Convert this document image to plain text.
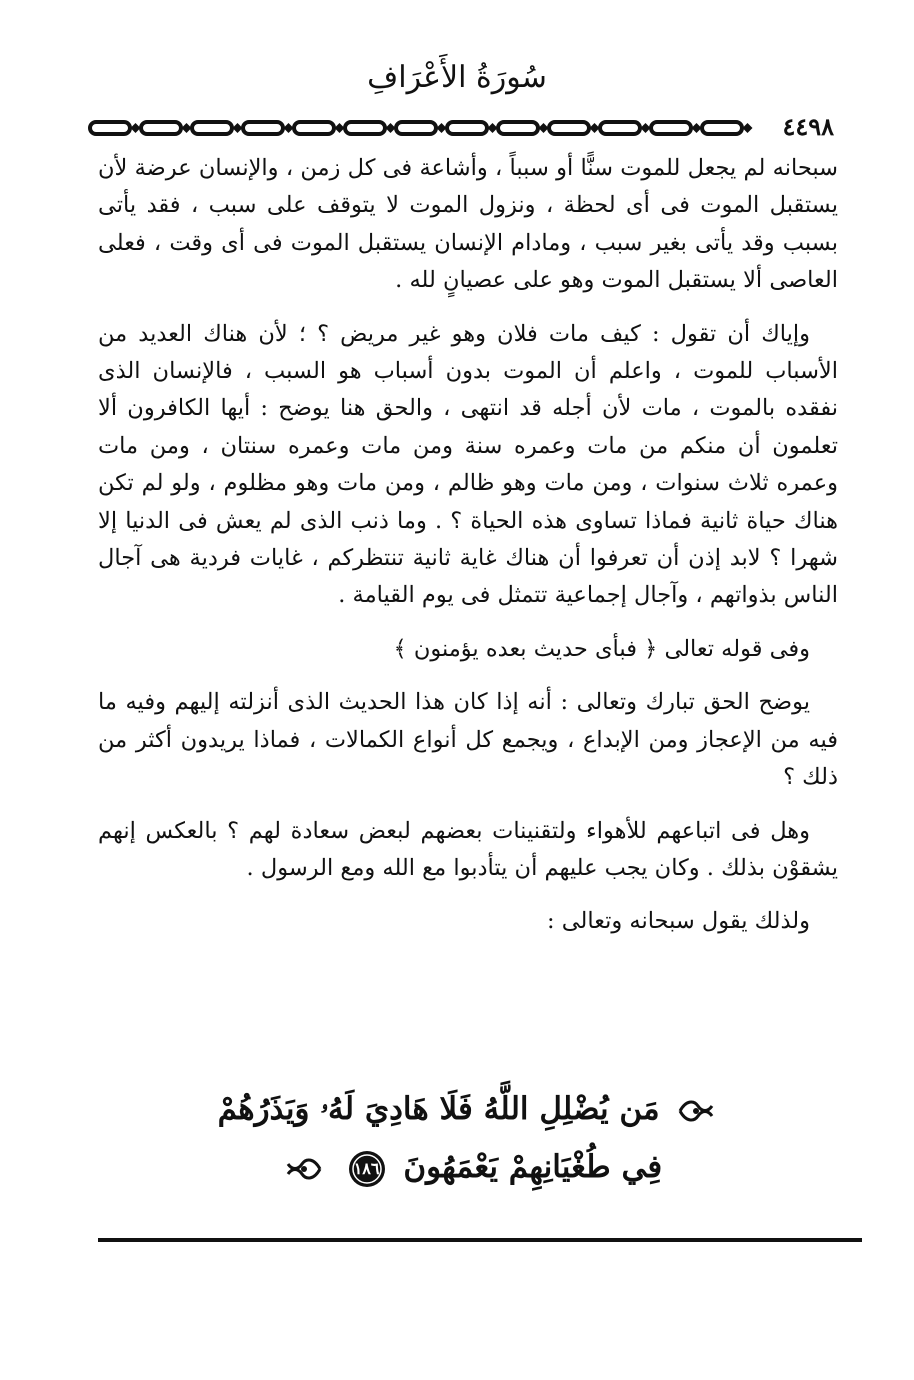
سُورَةُ الأَعْرَافِ
٤٤٩٨

سبحانه لم يجعل للموت سنًّا أو سبباً ، وأشاعة فى كل زمن ، والإنسان عرضة لأن يستقبل الموت فى أى لحظة ، ونزول الموت لا يتوقف على سبب ، فقد يأتى بسبب وقد يأتى بغير سبب ، ومادام الإنسان يستقبل الموت فى أى وقت ، فعلى العاصى ألا يستقبل الموت وهو على عصيانٍ لله .

وإياك أن تقول : كيف مات فلان وهو غير مريض ؟ ؛ لأن هناك العديد من الأسباب للموت ، واعلم أن الموت بدون أسباب هو السبب ، فالإنسان الذى نفقده بالموت ، مات لأن أجله قد انتهى ، والحق هنا يوضح : أيها الكافرون ألا تعلمون أن منكم من مات وعمره سنة ومن مات وعمره سنتان ، ومن مات وعمره ثلاث سنوات ، ومن مات وهو ظالم ، ومن مات وهو مظلوم ، ولو لم تكن هناك حياة ثانية فماذا تساوى هذه الحياة ؟ . وما ذنب الذى لم يعش فى الدنيا إلا شهرا ؟ لابد إذن أن تعرفوا أن هناك غاية ثانية تنتظركم ، غايات فردية هى آجال الناس بذواتهم ، وآجال إجماعية تتمثل فى يوم القيامة .

وفى قوله تعالى ﴿ فبأى حديث بعده يؤمنون ﴾

يوضح الحق تبارك وتعالى : أنه إذا كان هذا الحديث الذى أنزلته إليهم وفيه ما فيه من الإعجاز ومن الإبداع ، ويجمع كل أنواع الكمالات ، فماذا يريدون أكثر من ذلك ؟

وهل فى اتباعهم للأهواء ولتقنينات بعضهم لبعض سعادة لهم ؟ بالعكس إنهم يشقوْن بذلك . وكان يجب عليهم أن يتأدبوا مع الله ومع الرسول .

ولذلك يقول سبحانه وتعالى :

مَن يُضْلِلِ اللَّهُ فَلَا هَادِيَ لَهُۥ وَيَذَرُهُمْ
فِي طُغْيَانِهِمْ يَعْمَهُونَ
١٨٦
